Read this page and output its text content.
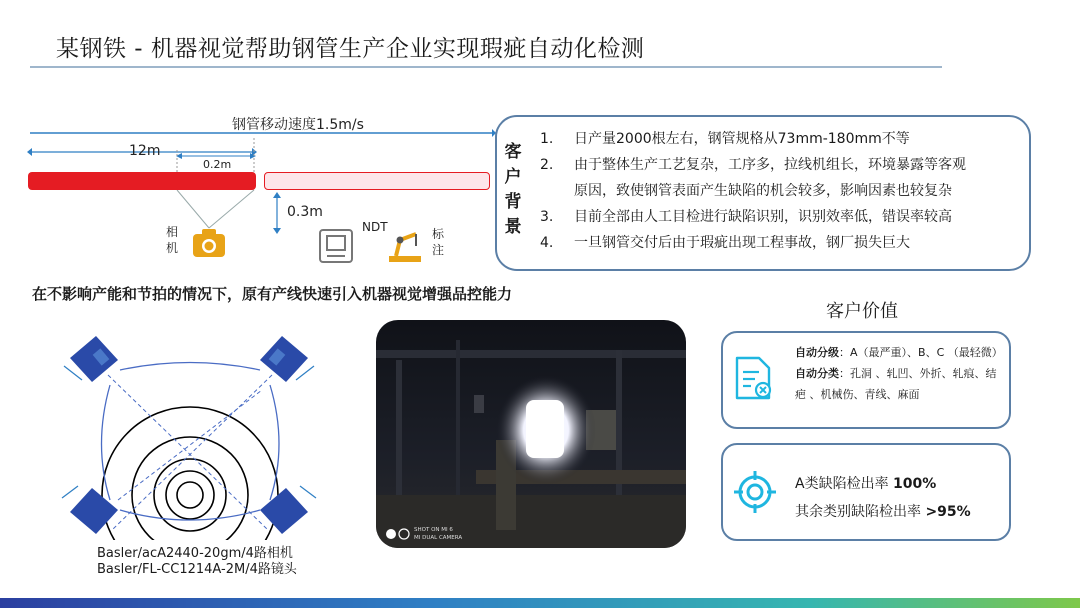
某钢铁 - 机器视觉帮助钢管生产企业实现瑕疵自动化检测
钢管移动速度1.5m/s
12m
0.2m
0.3m
相机
NDT	标注
客户背景
1.	日产量2000根左右，钢管规格从73mm-180mm不等
2.	由于整体生产工艺复杂，工序多，拉线机组长，环境暴露等客观
原因，致使钢管表面产生缺陷的机会较多，影响因素也较复杂
3.	目前全部由人工目检进行缺陷识别，识别效率低，错误率较高
4.	一旦钢管交付后由于瑕疵出现工程事故，钢厂损失巨大
在不影响产能和节拍的情况下，原有产线快速引入机器视觉增强品控能力
Basler/acA2440-20gm/4路相机
Basler/FL-CC1214A-2M/4路镜头
SHOT ON MI 6
MI DUAL CAMERA
客户价值
自动分级：A（最严重）、B、C （最轻微）
自动分类：孔洞 、轧凹、外折、轧痕、结疤 、机械伤、青线、麻面
A类缺陷检出率 100%
其余类别缺陷检出率 >95%
